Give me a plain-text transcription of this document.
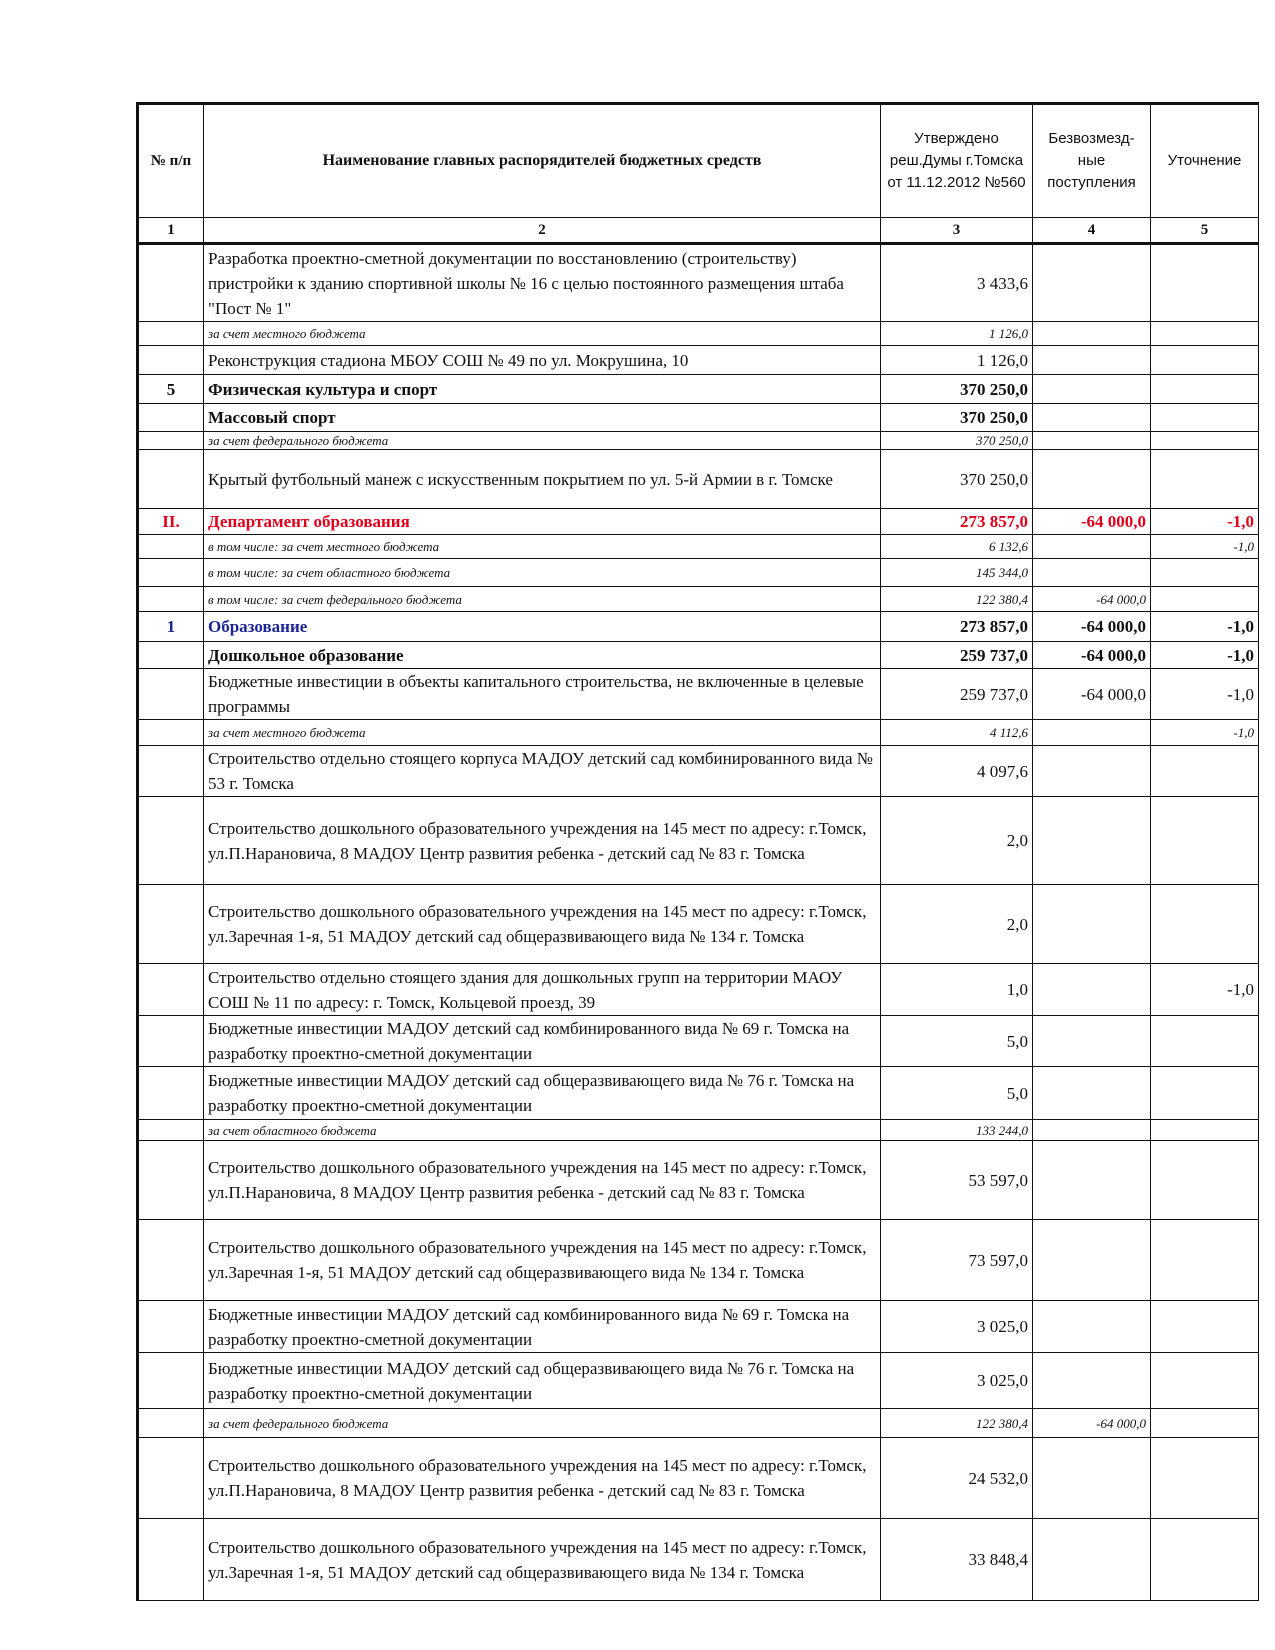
№ п/п	Наименование главных распорядителей бюджетных средств	Утверждено реш.Думы г.Томска от 11.12.2012 №560	Безвозмезд-ные поступления	Уточнение
1	2	3	4	5
	Разработка проектно-сметной документации по восстановлению (строительству) пристройки к зданию спортивной школы № 16 с целью постоянного размещения штаба "Пост № 1"	3 433,6		
	за счет местного бюджета	1 126,0		
	Реконструкция стадиона МБОУ СОШ № 49 по ул. Мокрушина, 10	1 126,0		
5	Физическая культура и спорт	370 250,0		
	Массовый спорт	370 250,0		
	за счет федерального бюджета	370 250,0		
	Крытый футбольный манеж с искусственным покрытием по ул. 5-й Армии в г. Томске	370 250,0		
II.	Департамент образования	273 857,0	-64 000,0	-1,0
	в том числе: за счет местного бюджета	6 132,6		-1,0
	в том числе: за счет областного бюджета	145 344,0		
	в том числе: за счет федерального бюджета	122 380,4	-64 000,0	
1	Образование	273 857,0	-64 000,0	-1,0
	Дошкольное образование	259 737,0	-64 000,0	-1,0
	Бюджетные инвестиции в объекты капитального строительства, не включенные в целевые программы	259 737,0	-64 000,0	-1,0
	за счет местного бюджета	4 112,6		-1,0
	Строительство отдельно стоящего корпуса МАДОУ детский сад комбинированного вида № 53 г. Томска	4 097,6		
	Строительство дошкольного образовательного учреждения на 145 мест по адресу: г.Томск, ул.П.Нарановича, 8 МАДОУ Центр развития ребенка - детский сад № 83 г. Томска	2,0		
	Строительство дошкольного образовательного учреждения на 145 мест по адресу: г.Томск, ул.Заречная 1-я, 51 МАДОУ детский сад общеразвивающего вида № 134 г. Томска	2,0		
	Строительство отдельно стоящего здания для дошкольных групп на территории МАОУ СОШ № 11 по адресу: г. Томск, Кольцевой проезд, 39	1,0		-1,0
	Бюджетные инвестиции МАДОУ детский сад комбинированного вида № 69 г. Томска на разработку проектно-сметной документации	5,0		
	Бюджетные инвестиции МАДОУ детский сад общеразвивающего вида № 76 г. Томска на разработку проектно-сметной документации	5,0		
	за счет областного бюджета	133 244,0		
	Строительство дошкольного образовательного учреждения на 145 мест по адресу: г.Томск, ул.П.Нарановича, 8 МАДОУ Центр развития ребенка - детский сад № 83 г. Томска	53 597,0		
	Строительство дошкольного образовательного учреждения на 145 мест по адресу: г.Томск, ул.Заречная 1-я, 51 МАДОУ детский сад общеразвивающего вида № 134 г. Томска	73 597,0		
	Бюджетные инвестиции МАДОУ детский сад комбинированного вида № 69 г. Томска на разработку проектно-сметной документации	3 025,0		
	Бюджетные инвестиции МАДОУ детский сад общеразвивающего вида № 76 г. Томска на разработку проектно-сметной документации	3 025,0		
	за счет федерального бюджета	122 380,4	-64 000,0	
	Строительство дошкольного образовательного учреждения на 145 мест по адресу: г.Томск, ул.П.Нарановича, 8 МАДОУ Центр развития ребенка - детский сад № 83 г. Томска	24 532,0		
	Строительство дошкольного образовательного учреждения на 145 мест по адресу: г.Томск, ул.Заречная 1-я, 51 МАДОУ детский сад общеразвивающего вида № 134 г. Томска	33 848,4		
